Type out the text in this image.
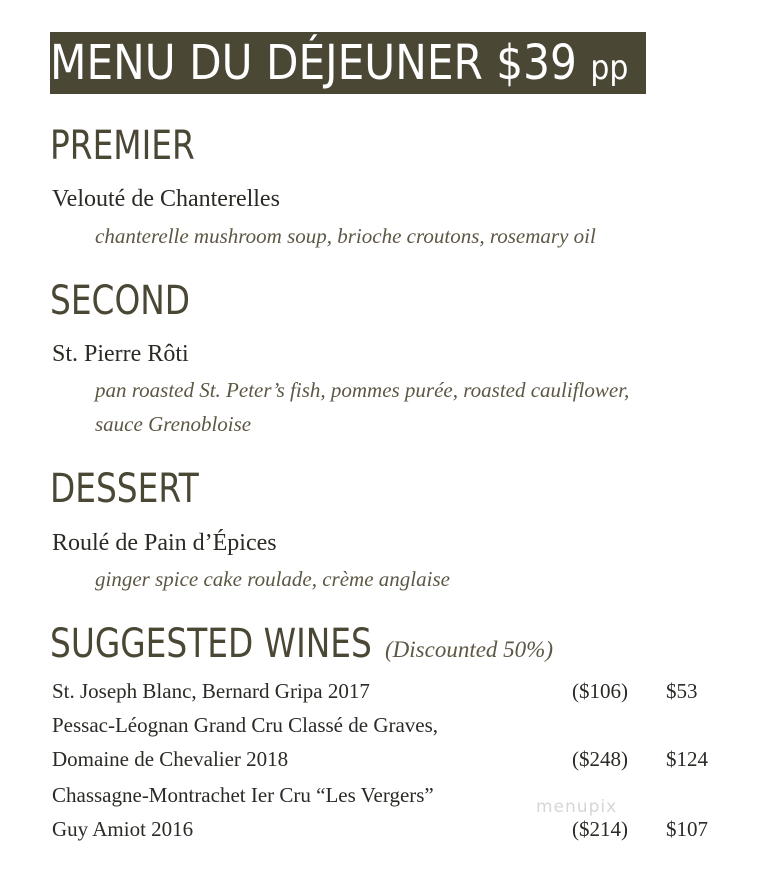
MENU DU DÉJEUNER $39 pp
PREMIER
Velouté de Chanterelles
chanterelle mushroom soup, brioche croutons, rosemary oil
SECOND
St. Pierre Rôti
pan roasted St. Peter’s fish, pommes purée, roasted cauliflower,
sauce Grenobloise
DESSERT
Roulé de Pain d’Épices
ginger spice cake roulade, crème anglaise
SUGGESTED WINES (Discounted 50%)
St. Joseph Blanc, Bernard Gripa 2017	($106) $53
Pessac-Léognan Grand Cru Classé de Graves,
Domaine de Chevalier 2018	($248) $124
Chassagne-Montrachet Ier Cru “Les Vergers”
Guy Amiot 2016	($214) $107
menupix
